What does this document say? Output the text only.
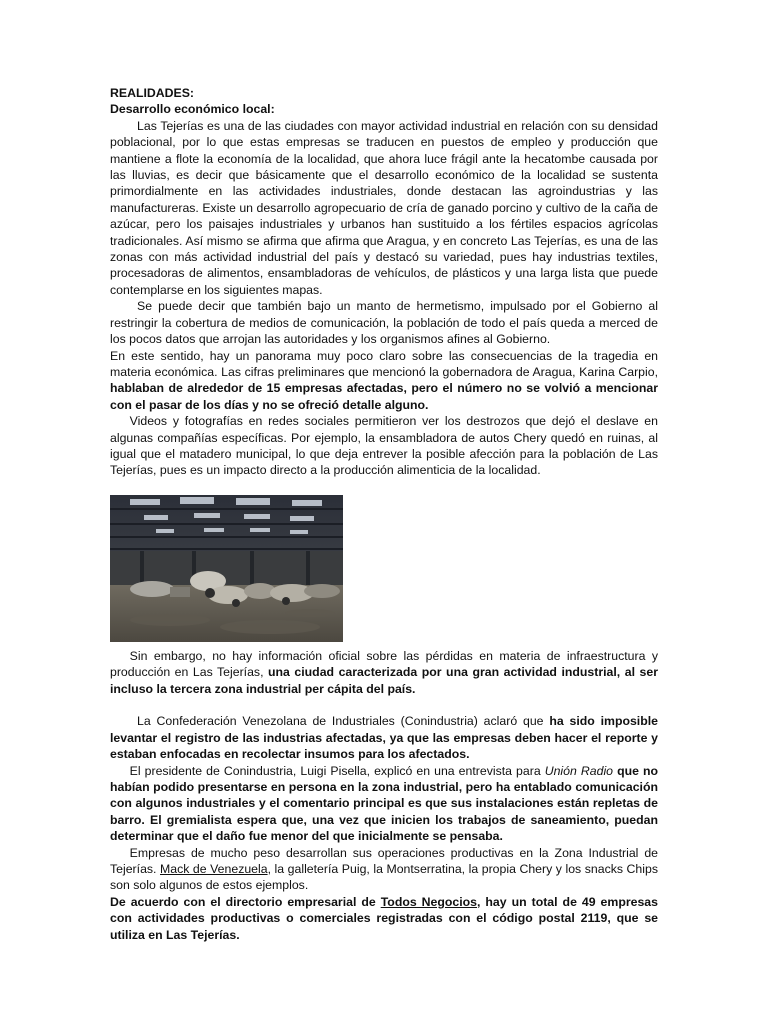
REALIDADES:

Desarrollo económico local:

Las Tejerías es una de las ciudades con mayor actividad industrial en relación con su densidad poblacional, por lo que estas empresas se traducen en puestos de empleo y producción que mantiene a flote la economía de la localidad, que ahora luce frágil ante la hecatombe causada por las lluvias, es decir que básicamente que el desarrollo económico de la localidad se sustenta primordialmente en las actividades industriales, donde destacan las agroindustrias y las manufactureras. Existe un desarrollo agropecuario de cría de ganado porcino y cultivo de la caña de azúcar, pero los paisajes industriales y urbanos han sustituido a los fértiles espacios agrícolas tradicionales. Así mismo se afirma que afirma que Aragua, y en concreto Las Tejerías, es una de las zonas con más actividad industrial del país y destacó su variedad, pues hay industrias textiles, procesadoras de alimentos, ensambladoras de vehículos, de plásticos y una larga lista que puede contemplarse en los siguientes mapas.

Se puede decir que también bajo un manto de hermetismo, impulsado por el Gobierno al restringir la cobertura de medios de comunicación, la población de todo el país queda a merced de los pocos datos que arrojan las autoridades y los organismos afines al Gobierno.

En este sentido, hay un panorama muy poco claro sobre las consecuencias de la tragedia en materia económica. Las cifras preliminares que mencionó la gobernadora de Aragua, Karina Carpio, hablaban de alrededor de 15 empresas afectadas, pero el número no se volvió a mencionar con el pasar de los días y no se ofreció detalle alguno.

Videos y fotografías en redes sociales permitieron ver los destrozos que dejó el deslave en algunas compañías específicas. Por ejemplo, la ensambladora de autos Chery quedó en ruinas, al igual que el matadero municipal, lo que deja entrever la posible afección para la población de Las Tejerías, pues es un impacto directo a la producción alimenticia de la localidad.

Sin embargo, no hay información oficial sobre las pérdidas en materia de infraestructura y producción en Las Tejerías, una ciudad caracterizada por una gran actividad industrial, al ser incluso la tercera zona industrial per cápita del país.

La Confederación Venezolana de Industriales (Conindustria) aclaró que ha sido imposible levantar el registro de las industrias afectadas, ya que las empresas deben hacer el reporte y estaban enfocadas en recolectar insumos para los afectados.

El presidente de Conindustria, Luigi Pisella, explicó en una entrevista para Unión Radio que no habían podido presentarse en persona en la zona industrial, pero ha entablado comunicación con algunos industriales y el comentario principal es que sus instalaciones están repletas de barro. El gremialista espera que, una vez que inicien los trabajos de saneamiento, puedan determinar que el daño fue menor del que inicialmente se pensaba.

Empresas de mucho peso desarrollan sus operaciones productivas en la Zona Industrial de Tejerías. Mack de Venezuela, la galletería Puig, la Montserratina, la propia Chery y los snacks Chips son solo algunos de estos ejemplos.

De acuerdo con el directorio empresarial de Todos Negocios, hay un total de 49 empresas con actividades productivas o comerciales registradas con el código postal 2119, que se utiliza en Las Tejerías.
